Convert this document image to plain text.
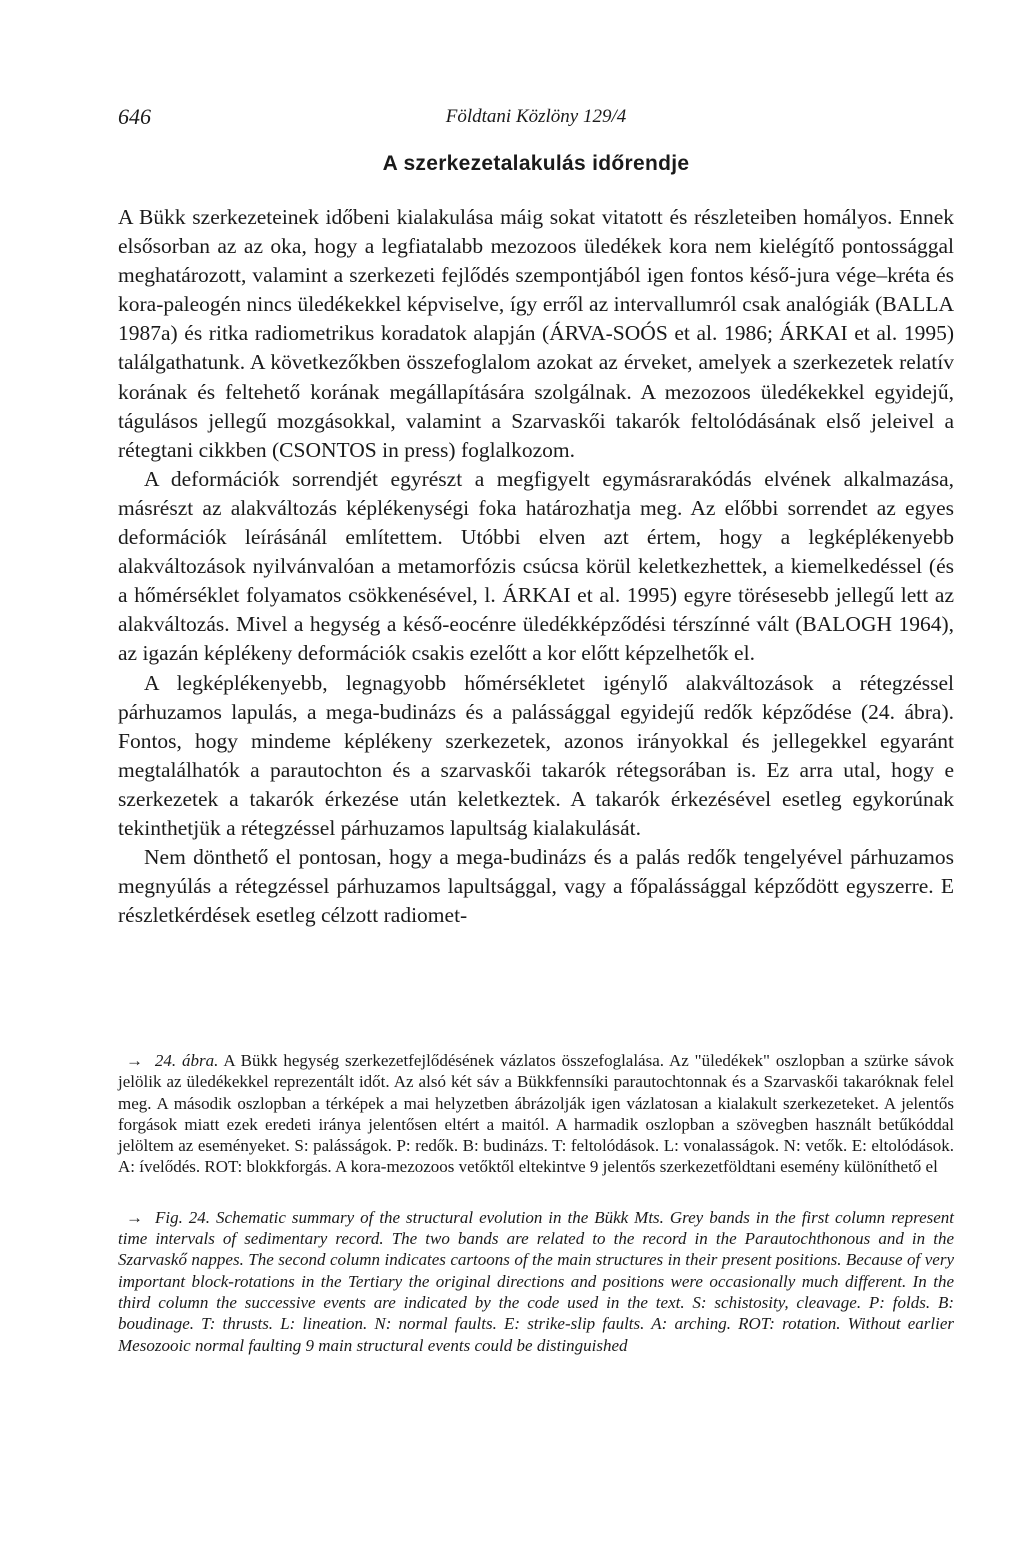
646	Földtani Közlöny 129/4
A szerkezetalakulás időrendje

A Bükk szerkezeteinek időbeni kialakulása máig sokat vitatott és részleteiben homályos. Ennek elsősorban az az oka, hogy a legfiatalabb mezozoos üledékek kora nem kielégítő pontossággal meghatározott, valamint a szerkezeti fejlődés szempontjából igen fontos késő-jura vége–kréta és kora-paleogén nincs üledékekkel képviselve, így erről az intervallumról csak analógiák (BALLA 1987a) és ritka radiometrikus koradatok alapján (ÁRVA-SOÓS et al. 1986; ÁRKAI et al. 1995) találgathatunk. A következőkben összefoglalom azokat az érveket, amelyek a szerkezetek relatív korának és feltehető korának megállapítására szolgálnak. A mezozoos üledékekkel egyidejű, tágulásos jellegű mozgásokkal, valamint a Szarvaskői takarók feltolódásának első jeleivel a rétegtani cikkben (CSONTOS in press) foglalkozom.

A deformációk sorrendjét egyrészt a megfigyelt egymásrarakódás elvének alkalmazása, másrészt az alakváltozás képlékenységi foka határozhatja meg. Az előbbi sorrendet az egyes deformációk leírásánál említettem. Utóbbi elven azt értem, hogy a legképlékenyebb alakváltozások nyilvánvalóan a metamorfózis csúcsa körül keletkezhettek, a kiemelkedéssel (és a hőmérséklet folyamatos csökkenésével, l. ÁRKAI et al. 1995) egyre törésesebb jellegű lett az alakváltozás. Mivel a hegység a késő-eocénre üledékképződési térszínné vált (BALOGH 1964), az igazán képlékeny deformációk csakis ezelőtt a kor előtt képzelhetők el.

A legképlékenyebb, legnagyobb hőmérsékletet igénylő alakváltozások a rétegzéssel párhuzamos lapulás, a mega-budinázs és a palássággal egyidejű redők képződése (24. ábra). Fontos, hogy mindeme képlékeny szerkezetek, azonos irányokkal és jellegekkel egyaránt megtalálhatók a parautochton és a szarvaskői takarók rétegsorában is. Ez arra utal, hogy e szerkezetek a takarók érkezése után keletkeztek. A takarók érkezésével esetleg egykorúnak tekinthetjük a rétegzéssel párhuzamos lapultság kialakulását.

Nem dönthető el pontosan, hogy a mega-budinázs és a palás redők tengelyével párhuzamos megnyúlás a rétegzéssel párhuzamos lapultsággal, vagy a főpalássággal képződött egyszerre. E részletkérdések esetleg célzott radiomet-

→ 24. ábra. A Bükk hegység szerkezetfejlődésének vázlatos összefoglalása. Az "üledékek" oszlopban a szürke sávok jelölik az üledékekkel reprezentált időt. Az alsó két sáv a Bükkfennsíki parautochtonnak és a Szarvaskői takaróknak felel meg. A második oszlopban a térképek a mai helyzetben ábrázolják igen vázlatosan a kialakult szerkezeteket. A jelentős forgások miatt ezek eredeti iránya jelentősen eltért a maitól. A harmadik oszlopban a szövegben használt betűkóddal jelöltem az eseményeket. S: palásságok. P: redők. B: budinázs. T: feltolódások. L: vonalasságok. N: vetők. E: eltolódások. A: ívelődés. ROT: blokkforgás. A kora-mezozoos vetőktől eltekintve 9 jelentős szerkezetföldtani esemény különíthető el

→ Fig. 24. Schematic summary of the structural evolution in the Bükk Mts. Grey bands in the first column represent time intervals of sedimentary record. The two bands are related to the record in the Parautochthonous and in the Szarvaskő nappes. The second column indicates cartoons of the main structures in their present positions. Because of very important block-rotations in the Tertiary the original directions and positions were occasionally much different. In the third column the successive events are indicated by the code used in the text. S: schistosity, cleavage. P: folds. B: boudinage. T: thrusts. L: lineation. N: normal faults. E: strike-slip faults. A: arching. ROT: rotation. Without earlier Mesozooic normal faulting 9 main structural events could be distinguished
